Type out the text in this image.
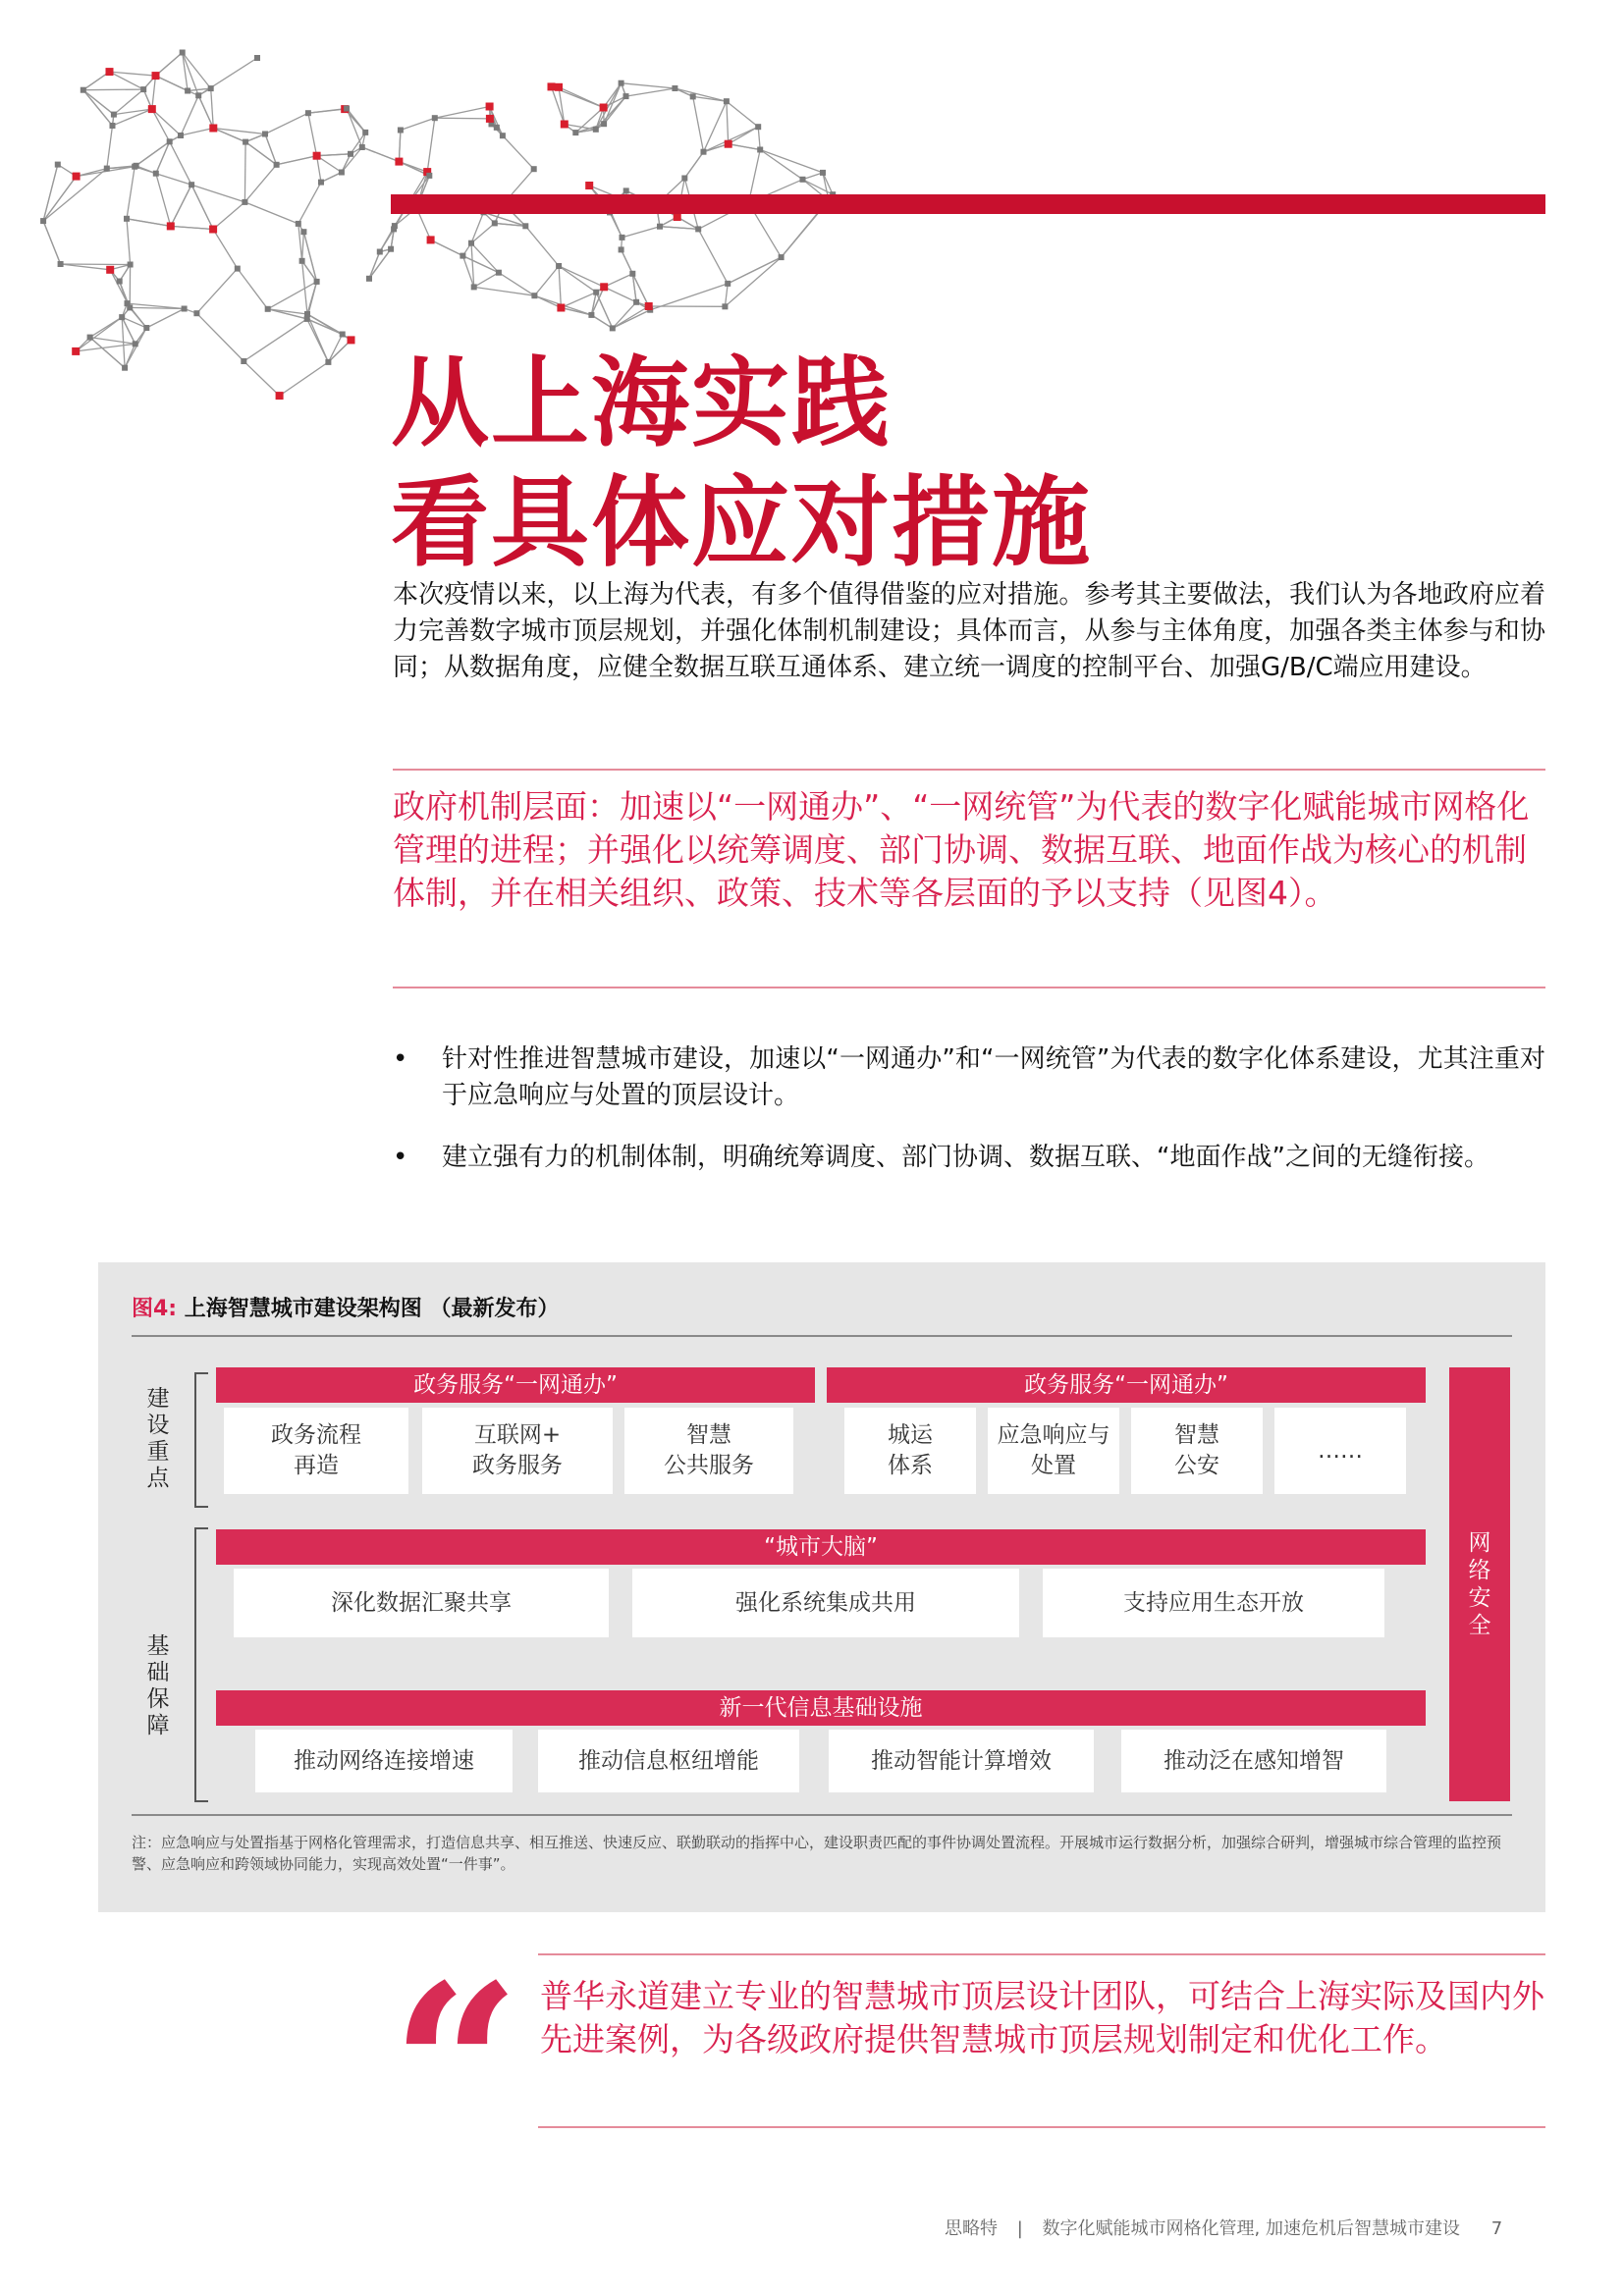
从上海实践
看具体应对措施
本次疫情以来，以上海为代表，有多个值得借鉴的应对措施。参考其主要做法，我们认为各地政府应着力完善数字城市顶层规划，并强化体制机制建设；具体而言，从参与主体角度，加强各类主体参与和协同；从数据角度，应健全数据互联互通体系、建立统一调度的控制平台、加强G/B/C端应用建设。
政府机制层面：加速以“一网通办”、“一网统管”为代表的数字化赋能城市网格化管理的进程；并强化以统筹调度、部门协调、数据互联、地面作战为核心的机制体制，并在相关组织、政策、技术等各层面的予以支持（见图4）。
•	针对性推进智慧城市建设，加速以“一网通办”和“一网统管”为代表的数字化体系建设，尤其注重对于应急响应与处置的顶层设计。
•	建立强有力的机制体制，明确统筹调度、部门协调、数据互联、“地面作战”之间的无缝衔接。
图4: 上海智慧城市建设架构图 （最新发布）
建
设
重
点
基
础
保
障
政务服务“一网通办”
政务流程
再造
互联网+
政务服务
智慧
公共服务
政务服务“一网通办”
城运
体系
应急响应与
处置
智慧
公安
……
“城市大脑”
深化数据汇聚共享	强化系统集成共用	支持应用生态开放
新一代信息基础设施
推动网络连接增速	推动信息枢纽增能	推动智能计算增效	推动泛在感知增智
网
络
安
全
注：应急响应与处置指基于网格化管理需求，打造信息共享、相互推送、快速反应、联勤联动的指挥中心，建设职责匹配的事件协调处置流程。开展城市运行数据分析，加强综合研判，增强城市综合管理的监控预警、应急响应和跨领域协同能力，实现高效处置“一件事”。
“ 普华永道建立专业的智慧城市顶层设计团队，可结合上海实际及国内外先进案例，为各级政府提供智慧城市顶层规划制定和优化工作。
思略特 | 数字化赋能城市网格化管理, 加速危机后智慧城市建设 7
